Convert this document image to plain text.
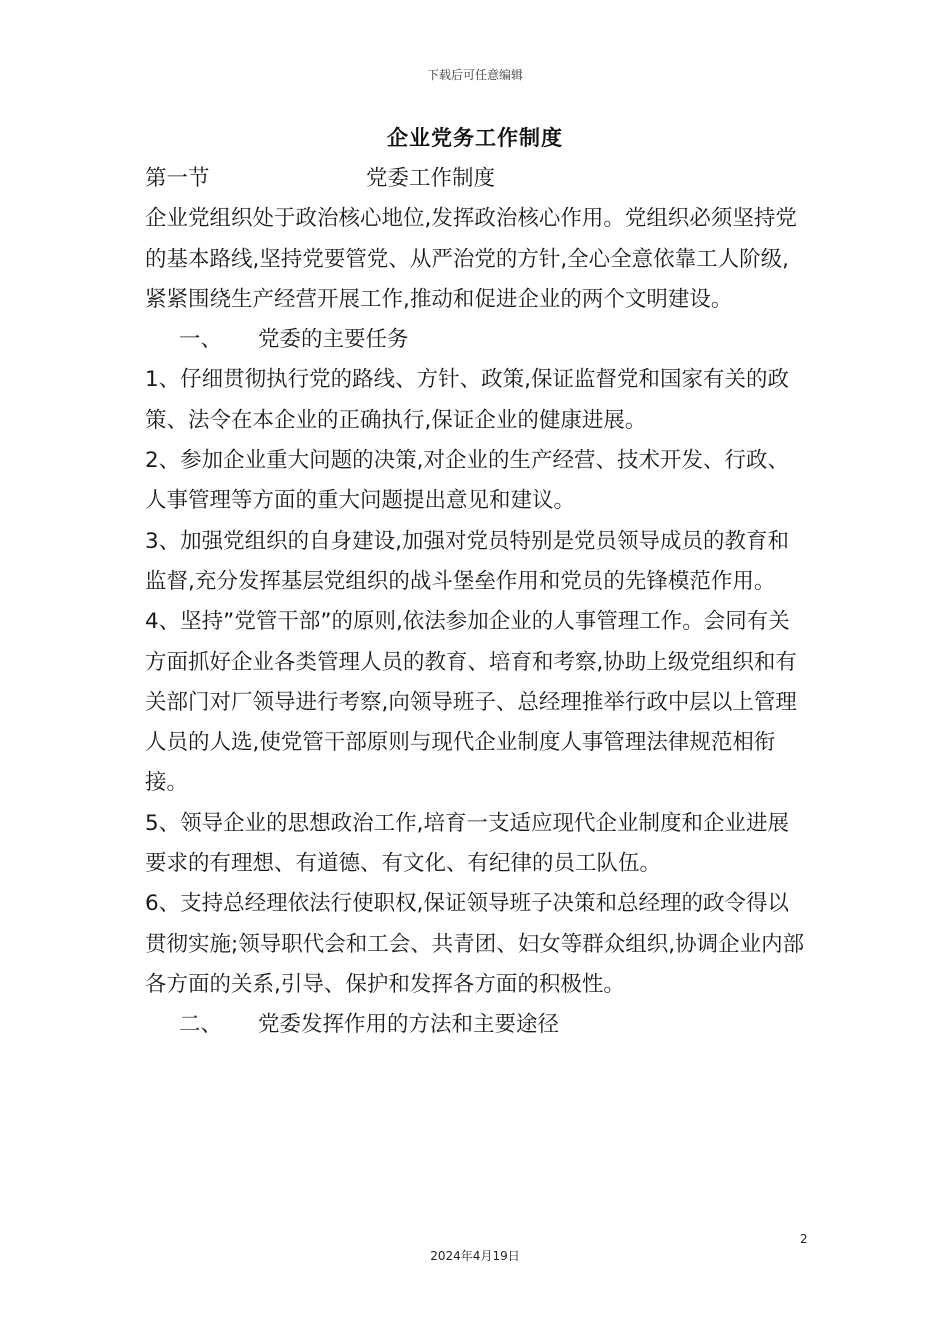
下载后可任意编辑
企业党务工作制度

第一节	党委工作制度

企业党组织处于政治核心地位,发挥政治核心作用。党组织必须坚持党的基本路线,坚持党要管党、从严治党的方针,全心全意依靠工人阶级,紧紧围绕生产经营开展工作,推动和促进企业的两个文明建设。

一、 党委的主要任务

1、仔细贯彻执行党的路线、方针、政策,保证监督党和国家有关的政策、法令在本企业的正确执行,保证企业的健康进展。

2、参加企业重大问题的决策,对企业的生产经营、技术开发、行政、人事管理等方面的重大问题提出意见和建议。

3、加强党组织的自身建设,加强对党员特别是党员领导成员的教育和监督,充分发挥基层党组织的战斗堡垒作用和党员的先锋模范作用。

4、坚持”党管干部”的原则,依法参加企业的人事管理工作。会同有关方面抓好企业各类管理人员的教育、培育和考察,协助上级党组织和有关部门对厂领导进行考察,向领导班子、总经理推举行政中层以上管理人员的人选,使党管干部原则与现代企业制度人事管理法律规范相衔接。

5、领导企业的思想政治工作,培育一支适应现代企业制度和企业进展要求的有理想、有道德、有文化、有纪律的员工队伍。

6、支持总经理依法行使职权,保证领导班子决策和总经理的政令得以贯彻实施;领导职代会和工会、共青团、妇女等群众组织,协调企业内部各方面的关系,引导、保护和发挥各方面的积极性。

二、 党委发挥作用的方法和主要途径

2
2024年4月19日
